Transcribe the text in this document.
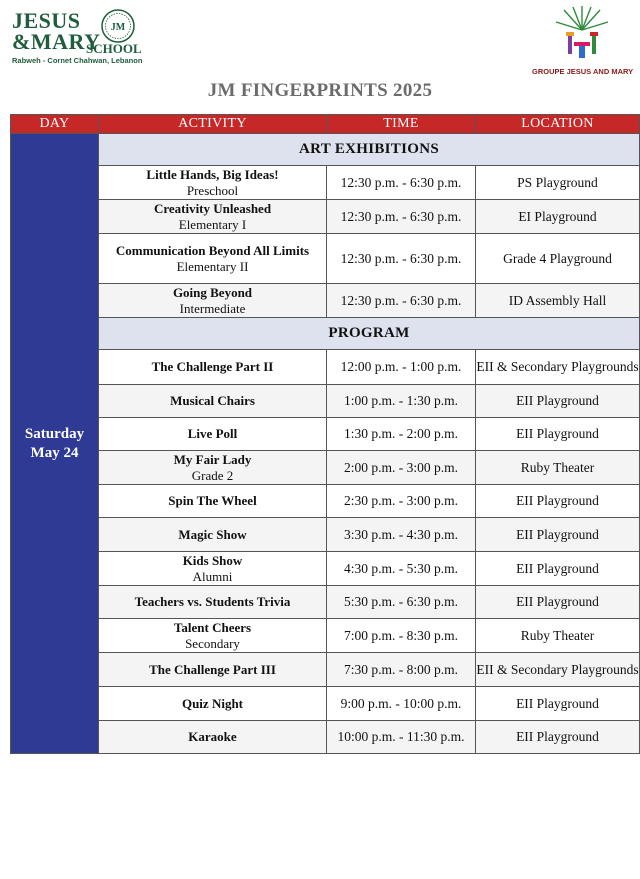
JESUS
&MARY
SCHOOL
JM
Rabweh - Cornet Chahwan, Lebanon
GROUPE JESUS AND MARY
JM FINGERPRINTS 2025
DAY	ACTIVITY	TIME	LOCATION
Saturday
May 24	ART EXHIBITIONS		

	Little Hands, Big Ideas!
Preschool	12:30 p.m. - 6:30 p.m.	PS Playground

	Creativity Unleashed
Elementary I	12:30 p.m. - 6:30 p.m.	EI Playground

	Communication Beyond All Limits
Elementary II	12:30 p.m. - 6:30 p.m.	Grade 4 Playground

	Going Beyond
Intermediate	12:30 p.m. - 6:30 p.m.	ID Assembly Hall
	PROGRAM		

	The Challenge Part II	12:00 p.m. - 1:00 p.m.	EII & Secondary Playgrounds

	Musical Chairs	1:00 p.m. - 1:30 p.m.	EII Playground

	Live Poll	1:30 p.m. - 2:00 p.m.	EII Playground

	My Fair Lady
Grade 2	2:00 p.m. - 3:00 p.m.	Ruby Theater

	Spin The Wheel	2:30 p.m. - 3:00 p.m.	EII Playground

	Magic Show	3:30 p.m. - 4:30 p.m.	EII Playground

	Kids Show
Alumni	4:30 p.m. - 5:30 p.m.	EII Playground

	Teachers vs. Students Trivia	5:30 p.m. - 6:30 p.m.	EII Playground

	Talent Cheers
Secondary	7:00 p.m. - 8:30 p.m.	Ruby Theater

	The Challenge Part III	7:30 p.m. - 8:00 p.m.	EII & Secondary Playgrounds

	Quiz Night	9:00 p.m. - 10:00 p.m.	EII Playground

	Karaoke	10:00 p.m. - 11:30 p.m.	EII Playground
